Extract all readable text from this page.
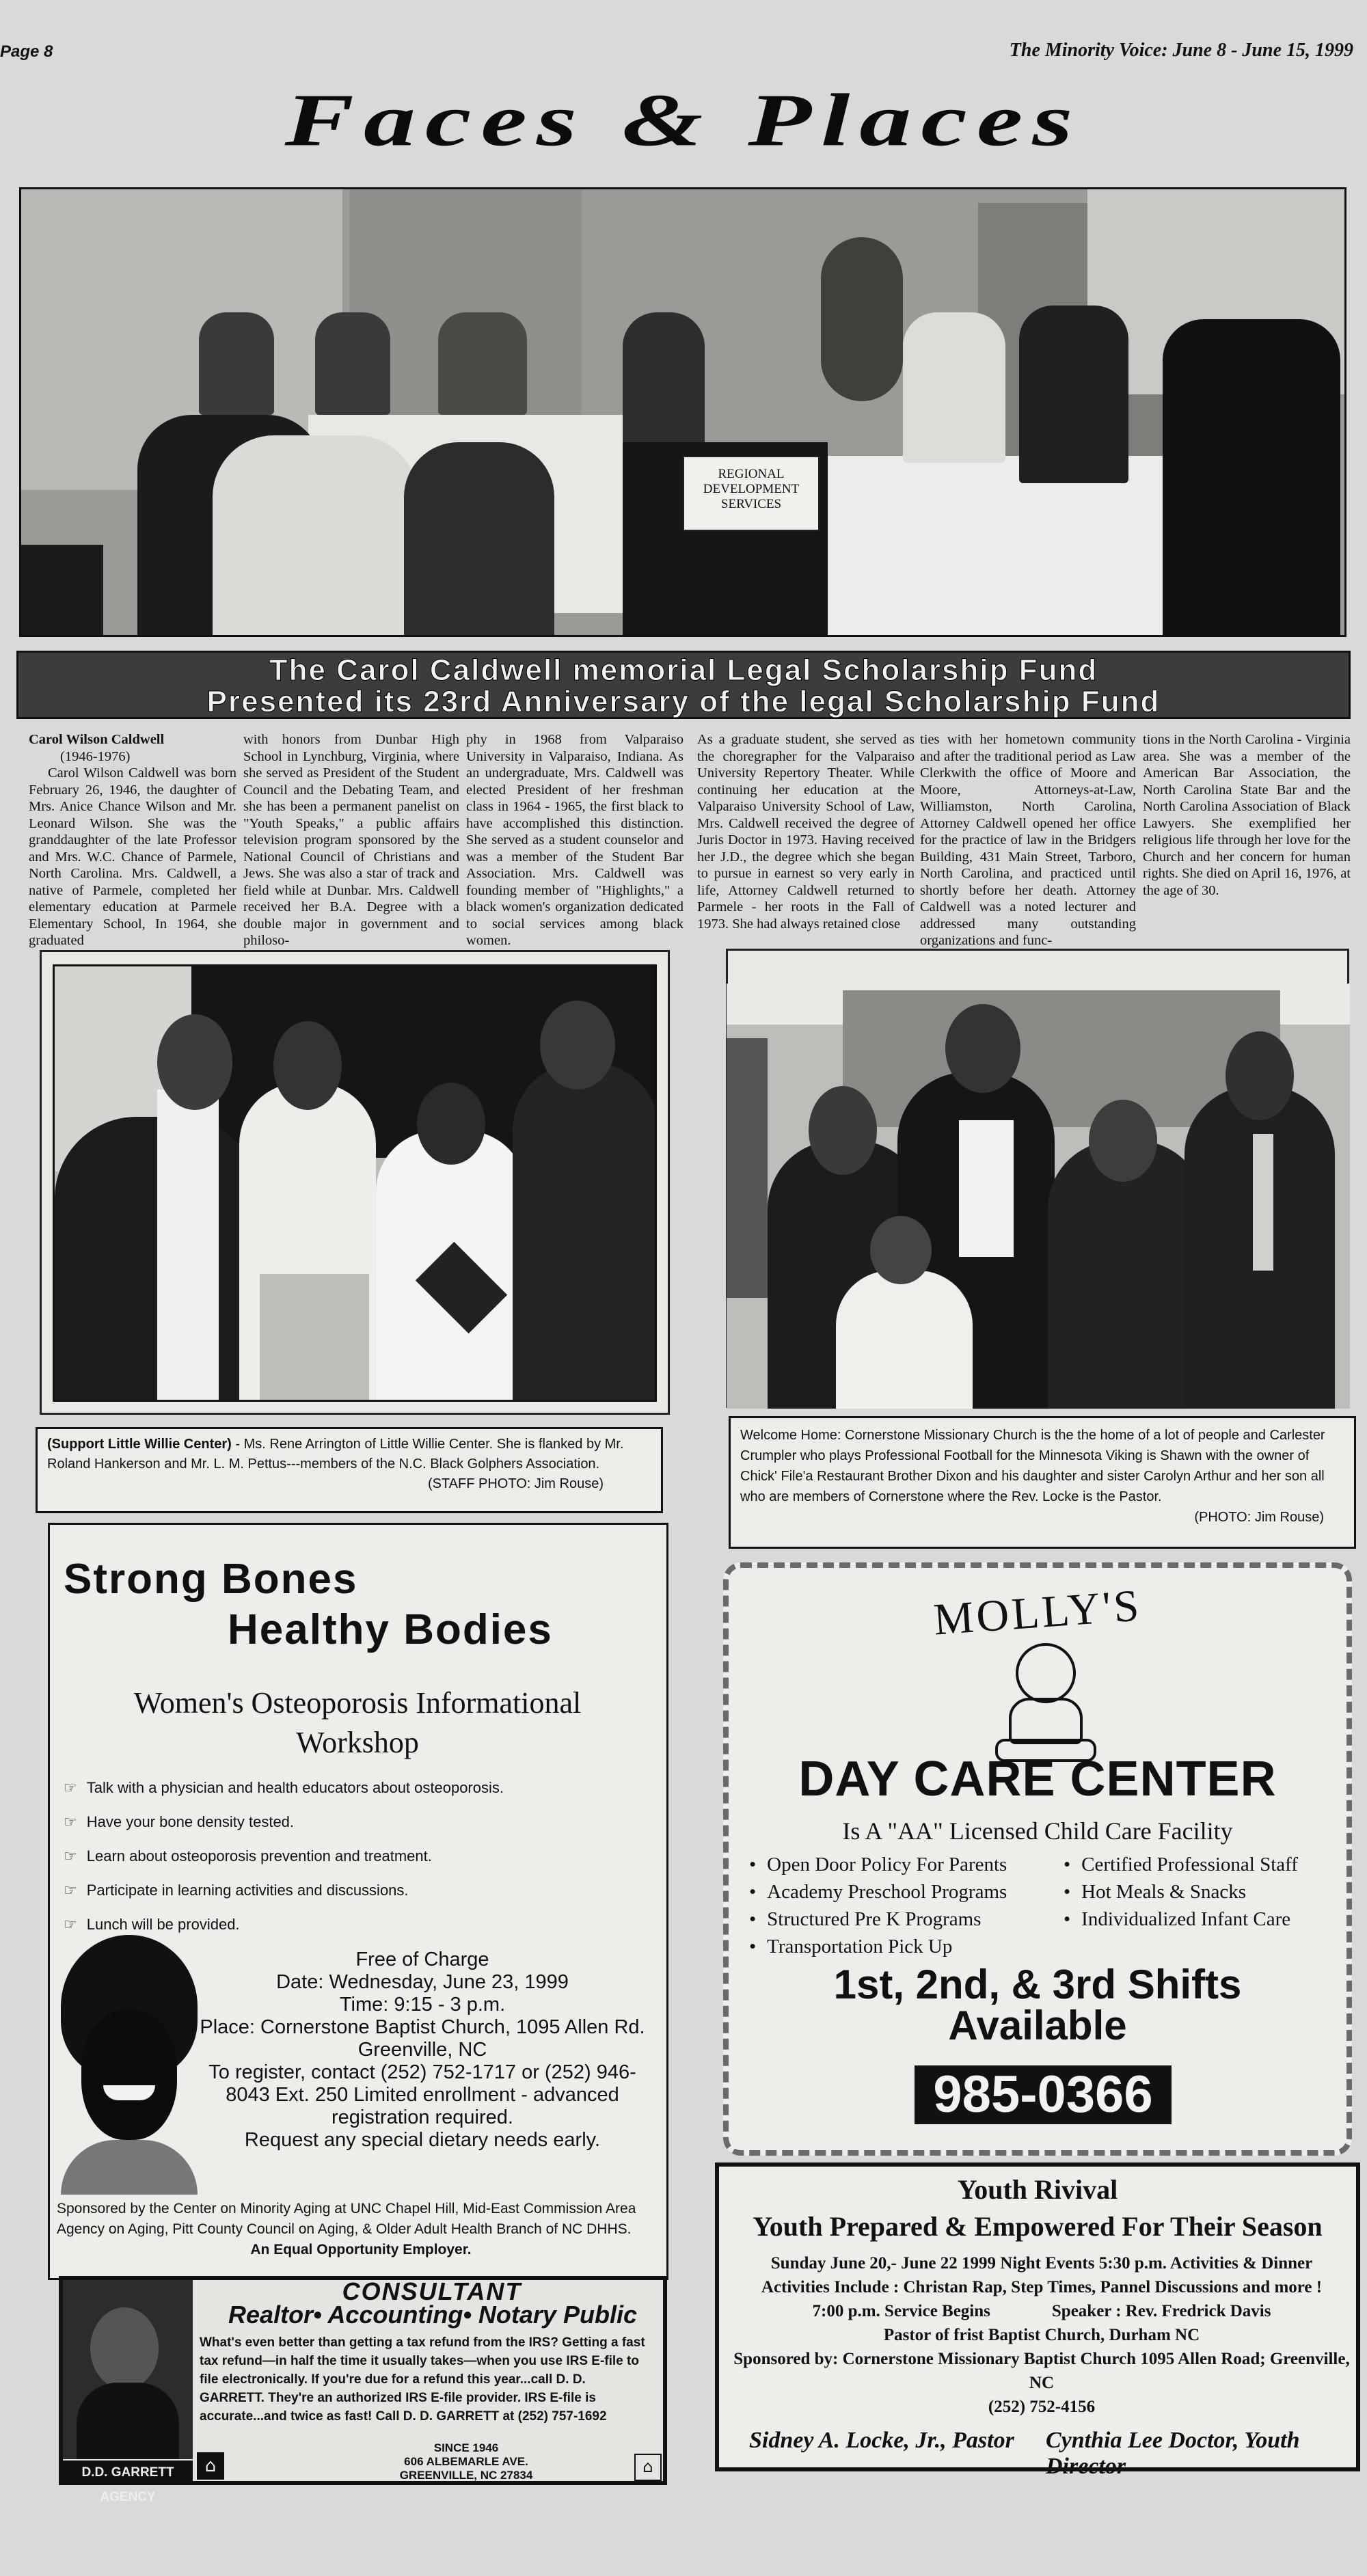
Page 8	The Minority Voice: June 8 - June 15, 1999
Faces & Places
REGIONAL DEVELOPMENT SERVICES
The Carol Caldwell memorial Legal Scholarship Fund
Presented its 23rd Anniversary of the legal Scholarship Fund

Carol Wilson Caldwell

(1946-1976)

Carol Wilson Caldwell was born February 26, 1946, the daughter of Mrs. Anice Chance Wilson and Mr. Leonard Wilson. She was the granddaughter of the late Professor and Mrs. W.C. Chance of Parmele, North Carolina. Mrs. Caldwell, a native of Parmele, completed her elementary education at Parmele Elementary School, In 1964, she graduated

with honors from Dunbar High School in Lynchburg, Virginia, where she served as President of the Student Council and the Debating Team, and she has been a permanent panelist on "Youth Speaks," a public affairs television program sponsored by the National Council of Christians and Jews. She was also a star of track and field while at Dunbar. Mrs. Caldwell received her B.A. Degree with a double major in government and philoso-

phy in 1968 from Valparaiso University in Valparaiso, Indiana. As an undergraduate, Mrs. Caldwell was elected President of her freshman class in 1964 - 1965, the first black to have accomplished this distinction. She served as a student counselor and was a member of the Student Bar Association. Mrs. Caldwell was founding member of "Highlights," a black women's organization dedicated to social services among black women.

As a graduate student, she served as the choregrapher for the Valparaiso University Repertory Theater. While continuing her education at the Valparaiso University School of Law, Mrs. Caldwell received the degree of Juris Doctor in 1973. Having received her J.D., the degree which she began to pursue in earnest so very early in life, Attorney Caldwell returned to Parmele - her roots in the Fall of 1973. She had always retained close

ties with her hometown community and after the traditional period as Law Clerkwith the office of Moore and Moore, Attorneys-at-Law, Williamston, North Carolina, Attorney Caldwell opened her office for the practice of law in the Bridgers Building, 431 Main Street, Tarboro, North Carolina, and practiced until shortly before her death. Attorney Caldwell was a noted lecturer and addressed many outstanding organizations and func-

tions in the North Carolina - Virginia area. She was a member of the American Bar Association, the North Carolina State Bar and the North Carolina Association of Black Lawyers. She exemplified her religious life through her love for the Church and her concern for human rights. She died on April 16, 1976, at the age of 30.

(Support Little Willie Center) - Ms. Rene Arrington of Little Willie Center. She is flanked by Mr. Roland Hankerson and Mr. L. M. Pettus---members of the N.C. Black Golphers Association.
(STAFF PHOTO: Jim Rouse)
Welcome Home: Cornerstone Missionary Church is the the home of a lot of people and Carlester Crumpler who plays Professional Football for the Minnesota Viking is Shawn with the owner of Chick' File'a Restaurant Brother Dixon and his daughter and sister Carolyn Arthur and her son all who are members of Cornerstone where the Rev. Locke is the Pastor.
(PHOTO: Jim Rouse)
Strong Bones
Healthy Bodies
Women's Osteoporosis Informational Workshop
☞ Talk with a physician and health educators about osteoporosis.
☞ Have your bone density tested.
☞ Learn about osteoporosis prevention and treatment.
☞ Participate in learning activities and discussions.
☞ Lunch will be provided.
Free of Charge
Date: Wednesday, June 23, 1999
Time: 9:15 - 3 p.m.
Place: Cornerstone Baptist Church, 1095 Allen Rd.
Greenville, NC
To register, contact (252) 752-1717 or (252) 946-8043 Ext. 250 Limited enrollment - advanced registration required.
Request any special dietary needs early.
Sponsored by the Center on Minority Aging at UNC Chapel Hill, Mid-East Commission Area Agency on Aging, Pitt County Council on Aging, & Older Adult Health Branch of NC DHHS.
An Equal Opportunity Employer.
D.D. GARRETT AGENCY
⌂
CONSULTANT
Realtor• Accounting• Notary Public
What's even better than getting a tax refund from the IRS? Getting a fast tax refund—in half the time it usually takes—when you use IRS E-file to file electronically. If you're due for a refund this year...call D. D. GARRETT. They're an authorized IRS E-file provider. IRS E-file is accurate...and twice as fast! Call D. D. GARRETT at (252) 757-1692
SINCE 1946
606 ALBEMARLE AVE.
GREENVILLE, NC 27834	⌂
MOLLY'S
DAY CARE CENTER
Is A "AA" Licensed Child Care Facility
• Open Door Policy For Parents
• Academy Preschool Programs
• Structured Pre K Programs
• Transportation Pick Up
• Certified Professional Staff
• Hot Meals & Snacks
• Individualized Infant Care
1st, 2nd, & 3rd Shifts
Available
985-0366
Youth Rivival
Youth Prepared & Empowered For Their Season
Sunday June 20,- June 22 1999 Night Events 5:30 p.m. Activities & Dinner
Activities Include : Christan Rap, Step Times, Pannel Discussions and more !
7:00 p.m. Service Begins	Speaker : Rev. Fredrick Davis
Pastor of frist Baptist Church, Durham NC
Sponsored by: Cornerstone Missionary Baptist Church 1095 Allen Road; Greenville, NC
(252) 752-4156
Sidney A. Locke, Jr., Pastor Cynthia Lee Doctor, Youth Director
